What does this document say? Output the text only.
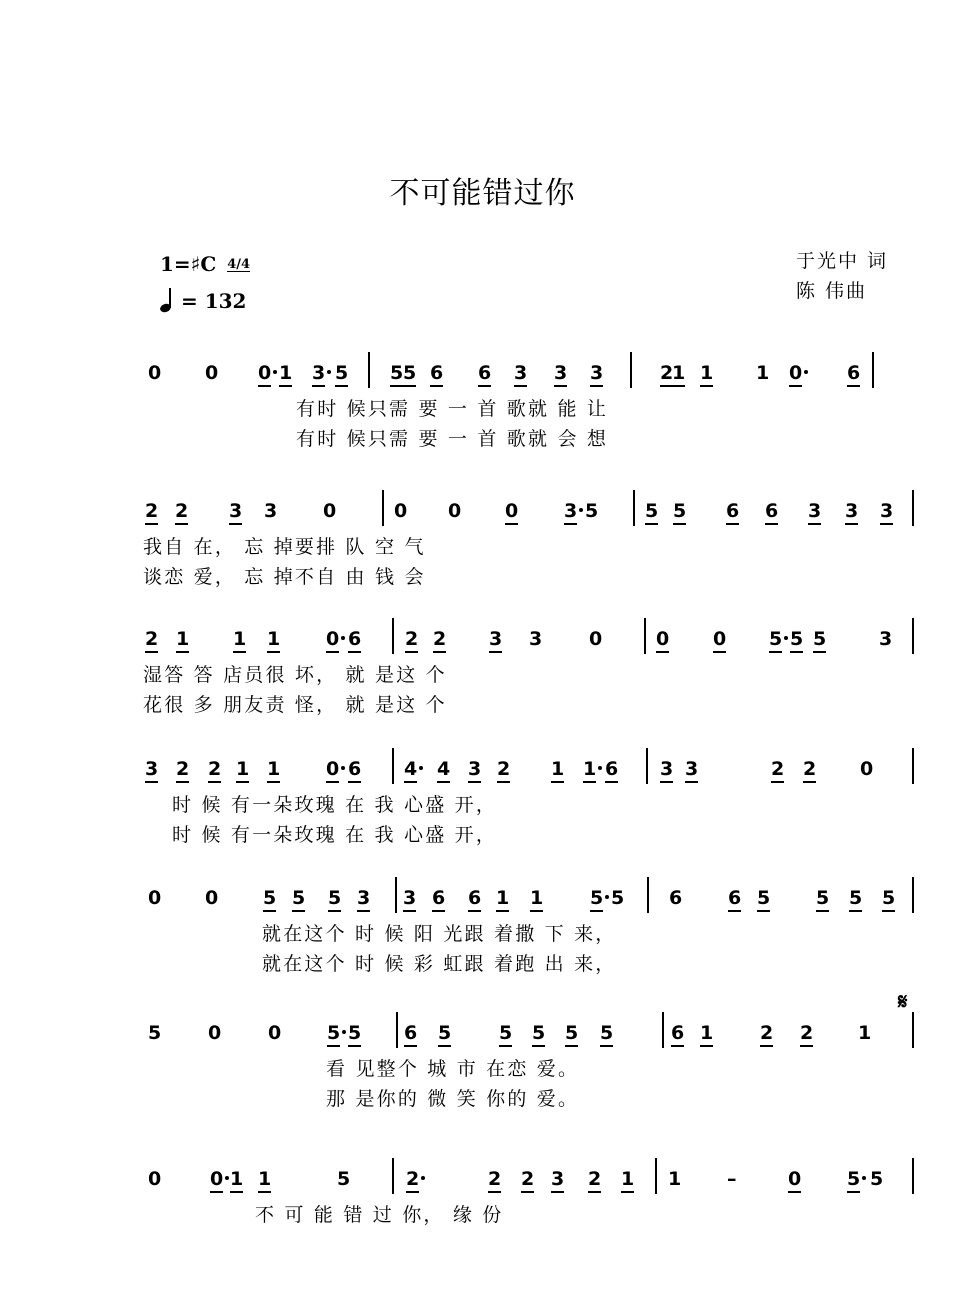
不可能错过你
1=♯C 4/4
= 132
于光中 词
陈 伟曲
0 0 0 1 3 5 5 5 6 6 3 3 3	2
1 1 1 0 6
有时 候只需 要 一 首 歌就 能 让
有时 候只需 要 一 首 歌就 会 想
2 2 3 3 0	0 0 0 3 5 5 5 6 6 3 3 3
我自 在， 忘 掉要排 队 空 气
谈恋 爱， 忘 掉不自 由 钱 会
2 1 1 1 0 6 2 2 3 3 0	0 0 5 5 5	3
湿答 答 店员很 坏， 就 是这 个
花很 多 朋友责 怪， 就 是这 个
3 2 2 1 1 0 6 4 4 3 2 1 1 6 3 3	2 2 0
时 候 有一朵玫瑰 在 我 心盛 开，
时 候 有一朵玫瑰 在 我 心盛 开，
0 0 5 5 5 3 3 6 6 1 1 5 5 6 6 5 5 5 5
就在这个 时 候 阳 光跟 着撒 下 来，
就在这个 时 候 彩 虹跟 着跑 出 来，
𝄋
5 0 0 5 5 6 5	5 5 5 5	6 1 2 2 1
看 见整个 城 市 在恋 爱。
那 是你的 微 笑 你的 爱。
0	0 1 1	5	2	2 2 3 2 1 1 –	0 5 5
不 可 能 错 过 你， 缘 份
